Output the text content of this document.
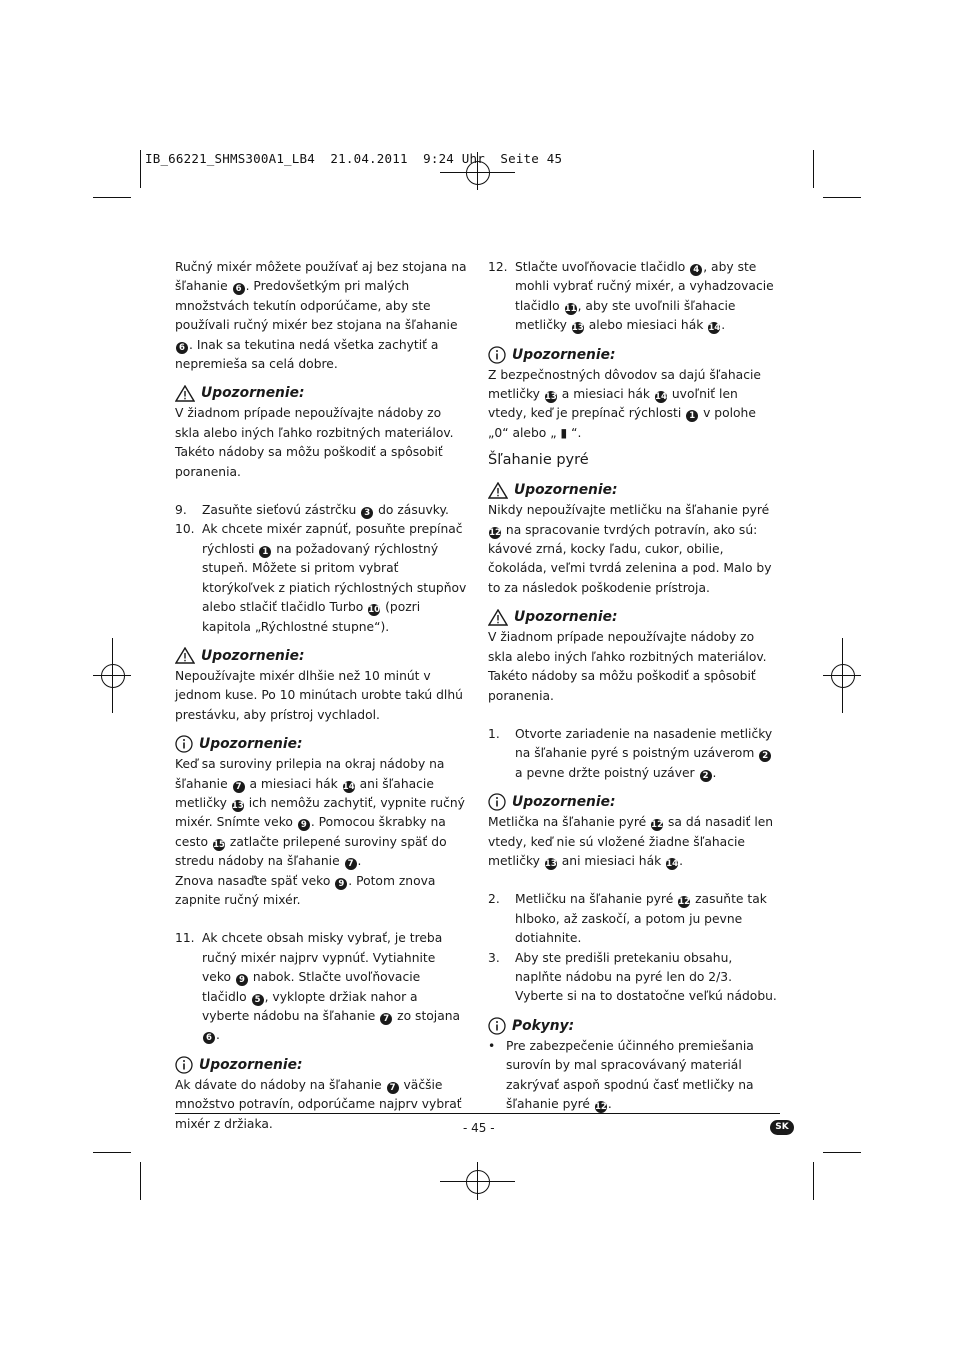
IB_66221_SHMS300A1_LB4  21.04.2011  9:24 Uhr  Seite 45

Ručný mixér môžete používať aj bez stojana na šľahanie 6 . Predovšetkým pri malých množstvách tekutín odporúčame, aby ste používali ručný mixér bez stojana na šľahanie 6 . Inak sa tekutina nedá všetka zachytiť a nepremieša sa celá dobre.

Upozornenie:

V žiadnom prípade nepoužívajte nádoby zo skla alebo iných ľahko rozbitných materiálov. Takéto nádoby sa môžu poškodiť a spôsobiť poranenia.

9.	Zasuňte sieťovú zástrčku 3 do zásuvky.
10. Ak chcete mixér zapnúť, posuňte prepínač rýchlosti 1 na požadovaný rýchlostný stupeň. Môžete si pritom vybrať ktorýkoľvek z piatich rýchlostných stupňov alebo stlačiť tlačidlo Turbo 10 (pozri kapitola „Rýchlostné stupne“).
Upozornenie:

Nepoužívajte mixér dlhšie než 10 minút v jednom kuse. Po 10 minútach urobte takú dlhú prestávku, aby prístroj vychladol.

Upozornenie:

Keď sa suroviny prilepia na okraj nádoby na šľahanie 7 a miesiaci hák 14 ani šľahacie metličky 13 ich nemôžu zachytiť, vypnite ručný mixér. Snímte veko 9 . Pomocou škrabky na cesto 15 zatlačte prilepené suroviny späť do stredu nádoby na šľahanie 7 .

Znova nasaďte späť veko 9 . Potom znova zapnite ručný mixér.

11. Ak chcete obsah misky vybrať, je treba ručný mixér najprv vypnúť. Vytiahnite veko 9 nabok. Stlačte uvoľňovacie tlačidlo 5 , vyklopte držiak nahor a vyberte nádobu na šľahanie 7 zo stojana 6 .
Upozornenie:

Ak dávate do nádoby na šľahanie 7 väčšie množstvo potravín, odporúčame najprv vybrať mixér z držiaka.

12. Stlačte uvoľňovacie tlačidlo 4 , aby ste mohli vybrať ručný mixér, a vyhadzovacie tlačidlo 11, aby ste uvoľnili šľahacie metličky 13 alebo miesiaci hák 14.
Upozornenie:

Z bezpečnostných dôvodov sa dajú šľahacie metličky 13 a miesiaci hák 14 uvoľniť len vtedy, keď je prepínač rýchlosti 1 v polohe „0“ alebo „ ▮ “.

Šľahanie pyré
Upozornenie:

Nikdy nepoužívajte metličku na šľahanie pyré 12 na spracovanie tvrdých potravín, ako sú: kávové zrná, kocky ľadu, cukor, obilie, čokoláda, veľmi tvrdá zelenina a pod. Malo by to za následok poškodenie prístroja.

Upozornenie:

V žiadnom prípade nepoužívajte nádoby zo skla alebo iných ľahko rozbitných materiálov. Takéto nádoby sa môžu poškodiť a spôsobiť poranenia.

1.	Otvorte zariadenie na nasadenie metličky na šľahanie pyré s poistným uzáverom 2 a pevne držte poistný uzáver 2 .
Upozornenie:

Metlička na šľahanie pyré 12 sa dá nasadiť len vtedy, keď nie sú vložené žiadne šľahacie metličky 13 ani miesiaci hák 14.

2.	Metličku na šľahanie pyré 12 zasuňte tak hlboko, až zaskočí, a potom ju pevne dotiahnite.
3.	Aby ste predišli pretekaniu obsahu, naplňte nádobu na pyré len do 2/3. Vyberte si na to dostatočne veľkú nádobu.
Pokyny:
• Pre zabezpečenie účinného premiešania surovín by mal spracovávaný materiál zakrývať aspoň spodnú časť metličky na šľahanie pyré 12.
- 45 -	SK
